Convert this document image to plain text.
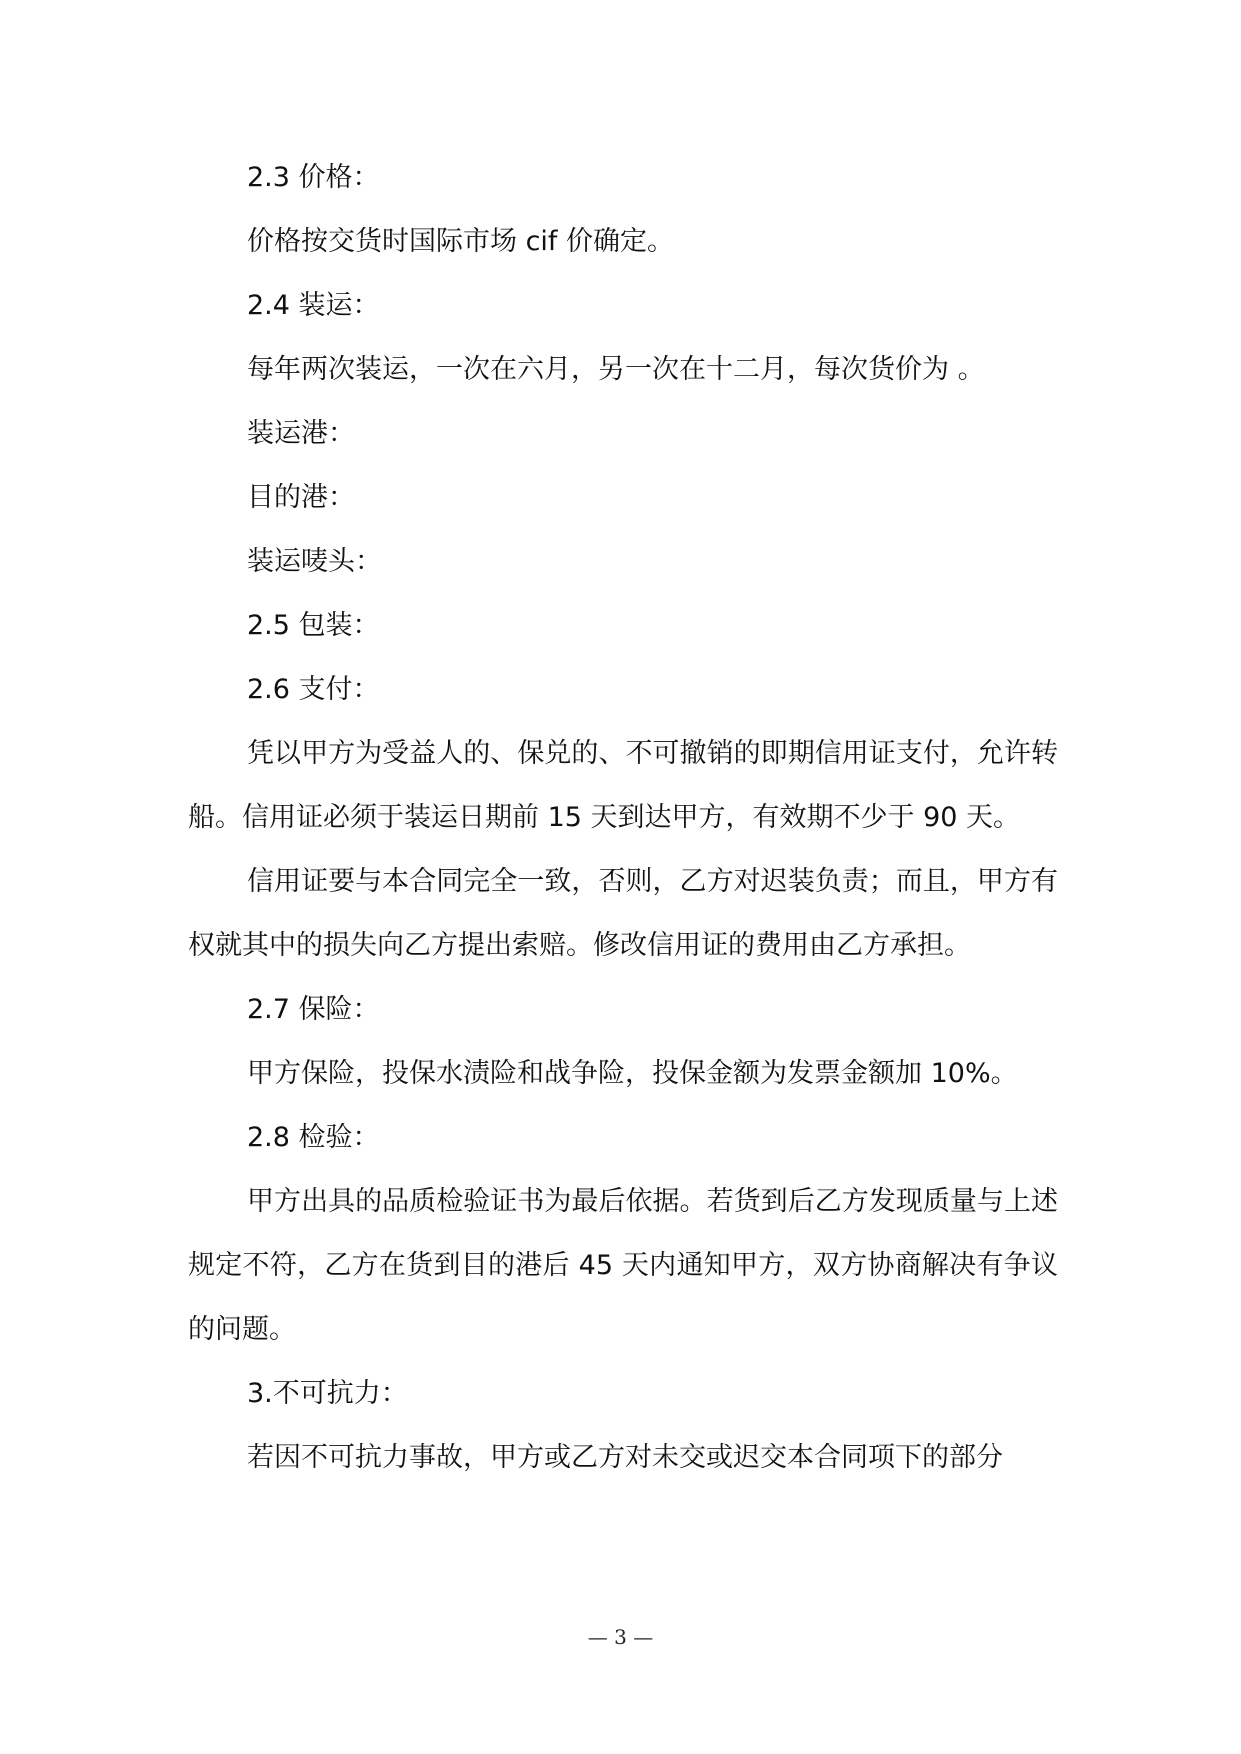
2.3 价格：

价格按交货时国际市场 cif 价确定。

2.4 装运：

每年两次装运，一次在六月，另一次在十二月，每次货价为 。

装运港：

目的港：

装运唛头：

2.5 包装：

2.6 支付：

凭以甲方为受益人的、保兑的、不可撤销的即期信用证支付，允许转船。信用证必须于装运日期前 15 天到达甲方，有效期不少于 90 天。

信用证要与本合同完全一致，否则，乙方对迟装负责；而且，甲方有权就其中的损失向乙方提出索赔。修改信用证的费用由乙方承担。

2.7 保险：

甲方保险，投保水渍险和战争险，投保金额为发票金额加 10%。

2.8 检验：

甲方出具的品质检验证书为最后依据。若货到后乙方发现质量与上述规定不符，乙方在货到目的港后 45 天内通知甲方，双方协商解决有争议的问题。

3.不可抗力：

若因不可抗力事故，甲方或乙方对未交或迟交本合同项下的部分

— 3 —
